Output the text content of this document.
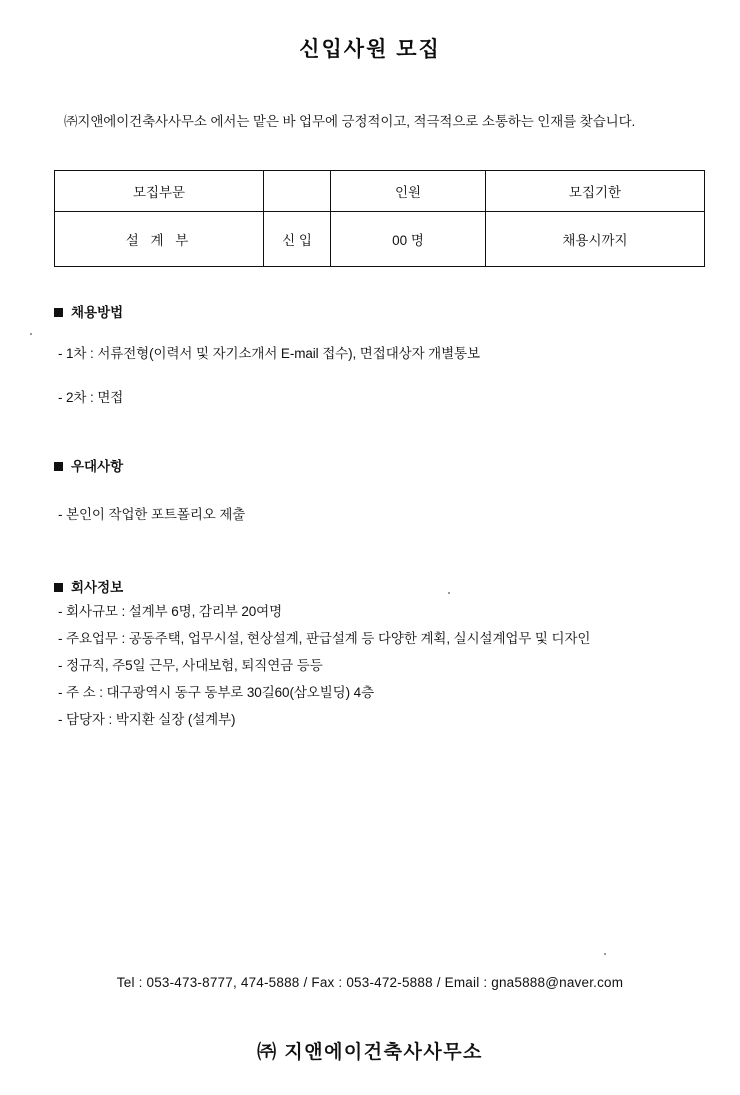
신입사원 모집
㈜지앤에이건축사사무소 에서는 맡은 바 업무에 긍정적이고, 적극적으로 소통하는 인재를 찾습니다.
모집부문		인원	모집기한
설 계 부	신 입	00 명	채용시까지
채용방법
- 1차 : 서류전형(이력서 및 자기소개서 E-mail 접수), 면접대상자 개별통보
- 2차 : 면접
우대사항
- 본인이 작업한 포트폴리오 제출
회사정보
- 회사규모 : 설계부 6명, 감리부 20여명
- 주요업무 : 공동주택, 업무시설, 현상설계, 판급설계 등 다양한 계획, 실시설계업무 및 디자인
- 정규직, 주5일 근무, 사대보험, 퇴직연금 등등
- 주 소 : 대구광역시 동구 동부로 30길60(삼오빌딩) 4층
- 담당자 : 박지환 실장 (설계부)
Tel : 053-473-8777, 474-5888 / Fax : 053-472-5888 / Email : gna5888@naver.com
㈜ 지앤에이건축사사무소
